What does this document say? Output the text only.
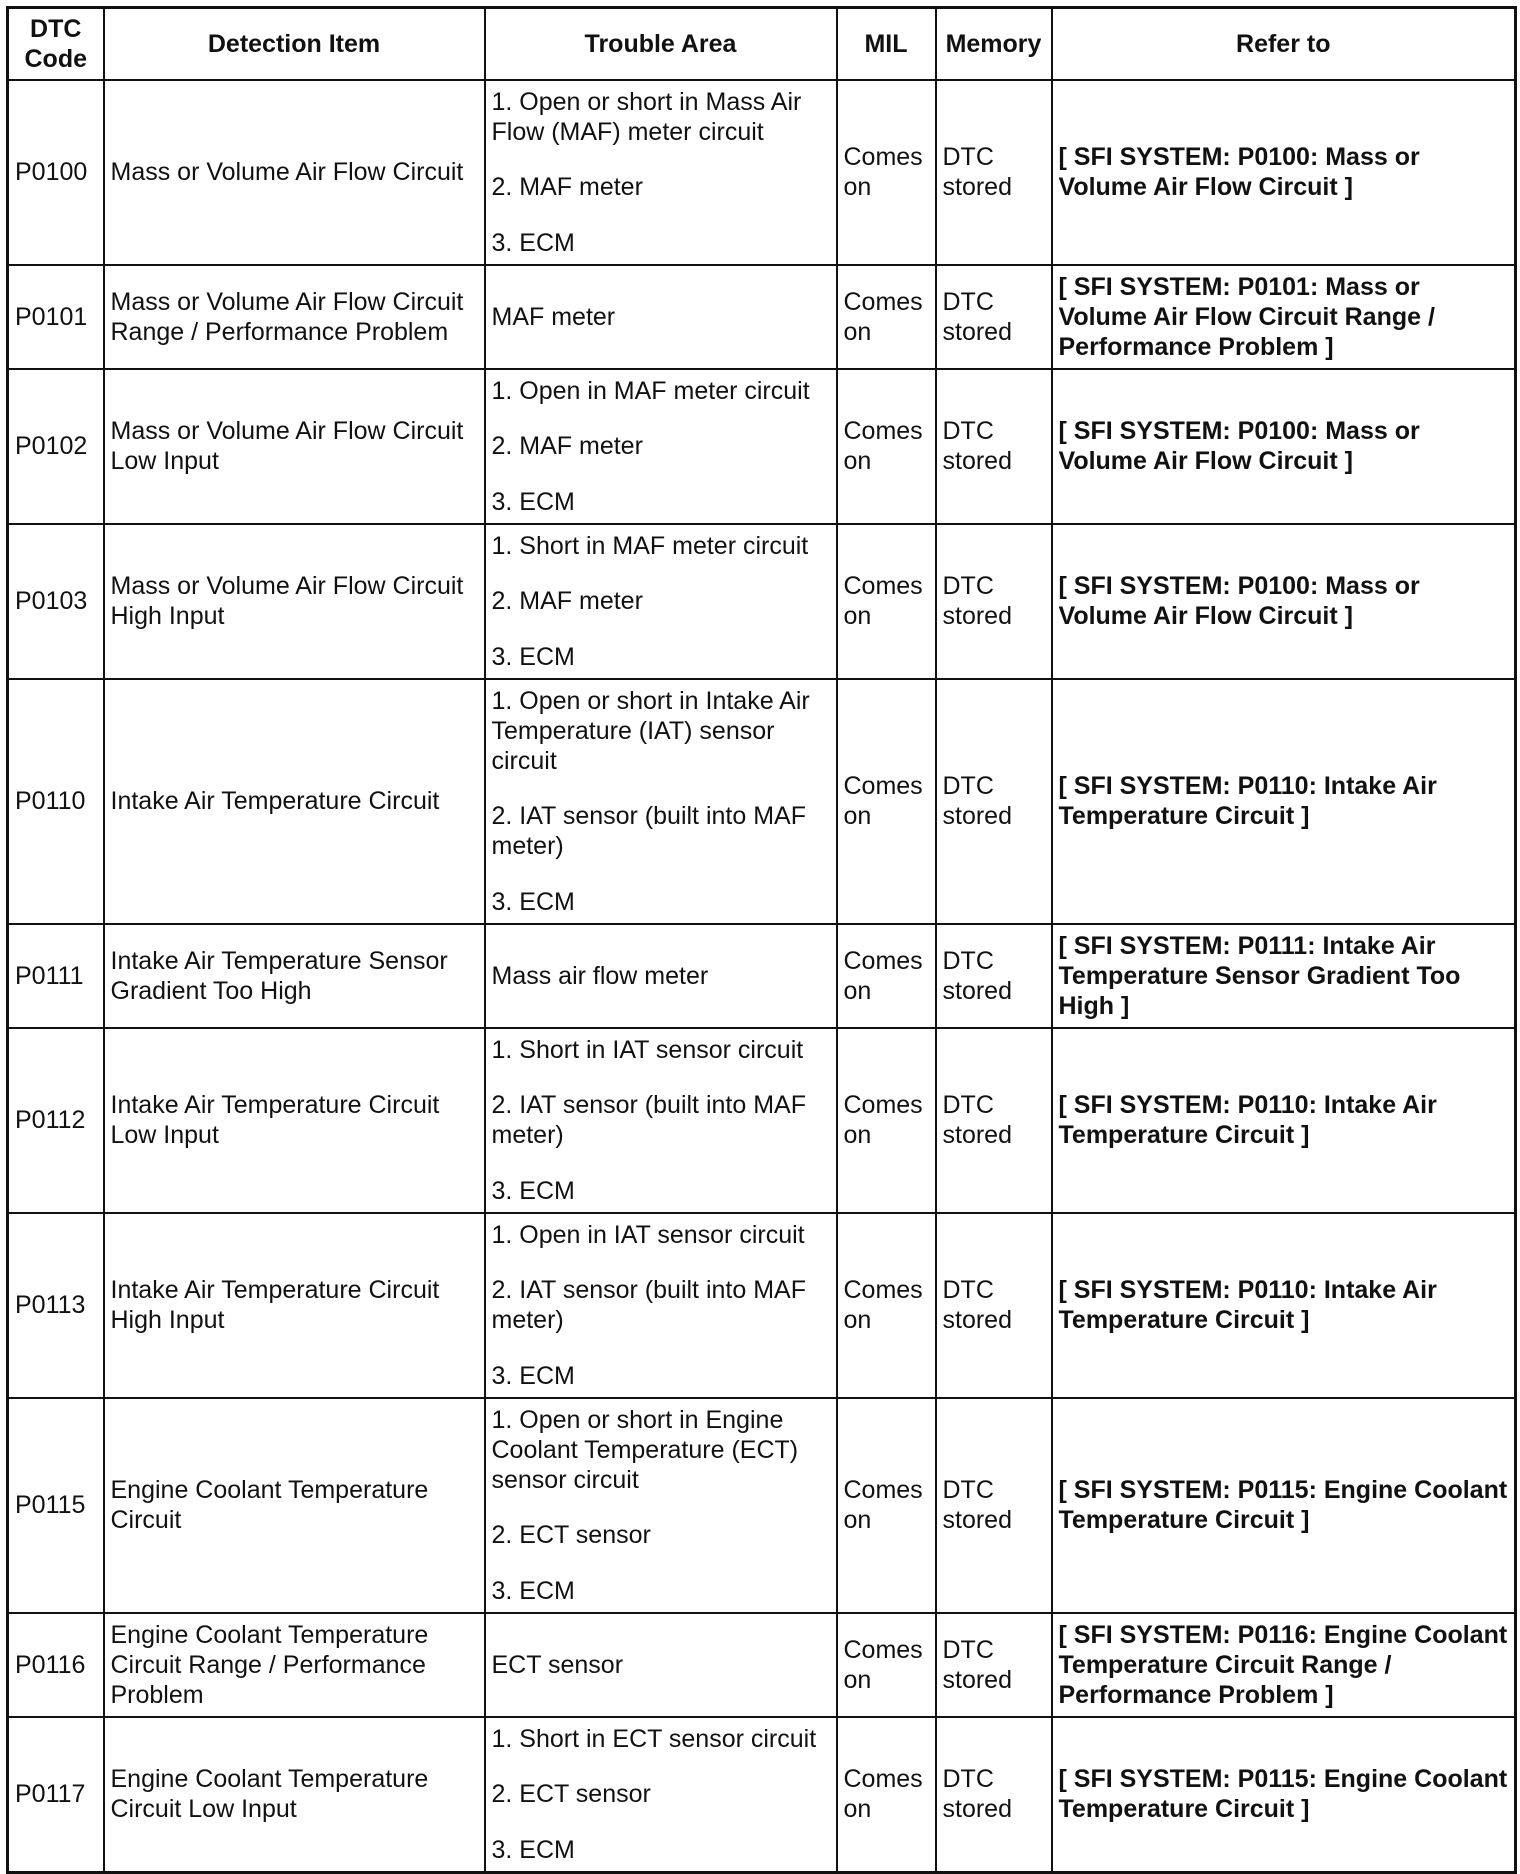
DTC
Code	Detection Item	Trouble Area	MIL	Memory	Refer to
P0100	Mass or Volume Air Flow Circuit	1. Open or short in Mass Air Flow (MAF) meter circuit
2. MAF meter
3. ECM	Comes on	DTC stored	[ SFI SYSTEM: P0100: Mass or Volume Air Flow Circuit ]
P0101	Mass or Volume Air Flow Circuit Range / Performance Problem	MAF meter	Comes on	DTC stored	[ SFI SYSTEM: P0101: Mass or Volume Air Flow Circuit Range / Performance Problem ]
P0102	Mass or Volume Air Flow Circuit Low Input	1. Open in MAF meter circuit
2. MAF meter
3. ECM	Comes on	DTC stored	[ SFI SYSTEM: P0100: Mass or Volume Air Flow Circuit ]
P0103	Mass or Volume Air Flow Circuit High Input	1. Short in MAF meter circuit
2. MAF meter
3. ECM	Comes on	DTC stored	[ SFI SYSTEM: P0100: Mass or Volume Air Flow Circuit ]
P0110	Intake Air Temperature Circuit	1. Open or short in Intake Air Temperature (IAT) sensor circuit
2. IAT sensor (built into MAF meter)
3. ECM	Comes on	DTC stored	[ SFI SYSTEM: P0110: Intake Air Temperature Circuit ]
P0111	Intake Air Temperature Sensor Gradient Too High	Mass air flow meter	Comes on	DTC stored	[ SFI SYSTEM: P0111: Intake Air Temperature Sensor Gradient Too High ]
P0112	Intake Air Temperature Circuit Low Input	1. Short in IAT sensor circuit
2. IAT sensor (built into MAF meter)
3. ECM	Comes on	DTC stored	[ SFI SYSTEM: P0110: Intake Air Temperature Circuit ]
P0113	Intake Air Temperature Circuit High Input	1. Open in IAT sensor circuit
2. IAT sensor (built into MAF meter)
3. ECM	Comes on	DTC stored	[ SFI SYSTEM: P0110: Intake Air Temperature Circuit ]
P0115	Engine Coolant Temperature Circuit	1. Open or short in Engine Coolant Temperature (ECT) sensor circuit
2. ECT sensor
3. ECM	Comes on	DTC stored	[ SFI SYSTEM: P0115: Engine Coolant Temperature Circuit ]
P0116	Engine Coolant Temperature Circuit Range / Performance Problem	ECT sensor	Comes on	DTC stored	[ SFI SYSTEM: P0116: Engine Coolant Temperature Circuit Range / Performance Problem ]
P0117	Engine Coolant Temperature Circuit Low Input	1. Short in ECT sensor circuit
2. ECT sensor
3. ECM	Comes on	DTC stored	[ SFI SYSTEM: P0115: Engine Coolant Temperature Circuit ]
